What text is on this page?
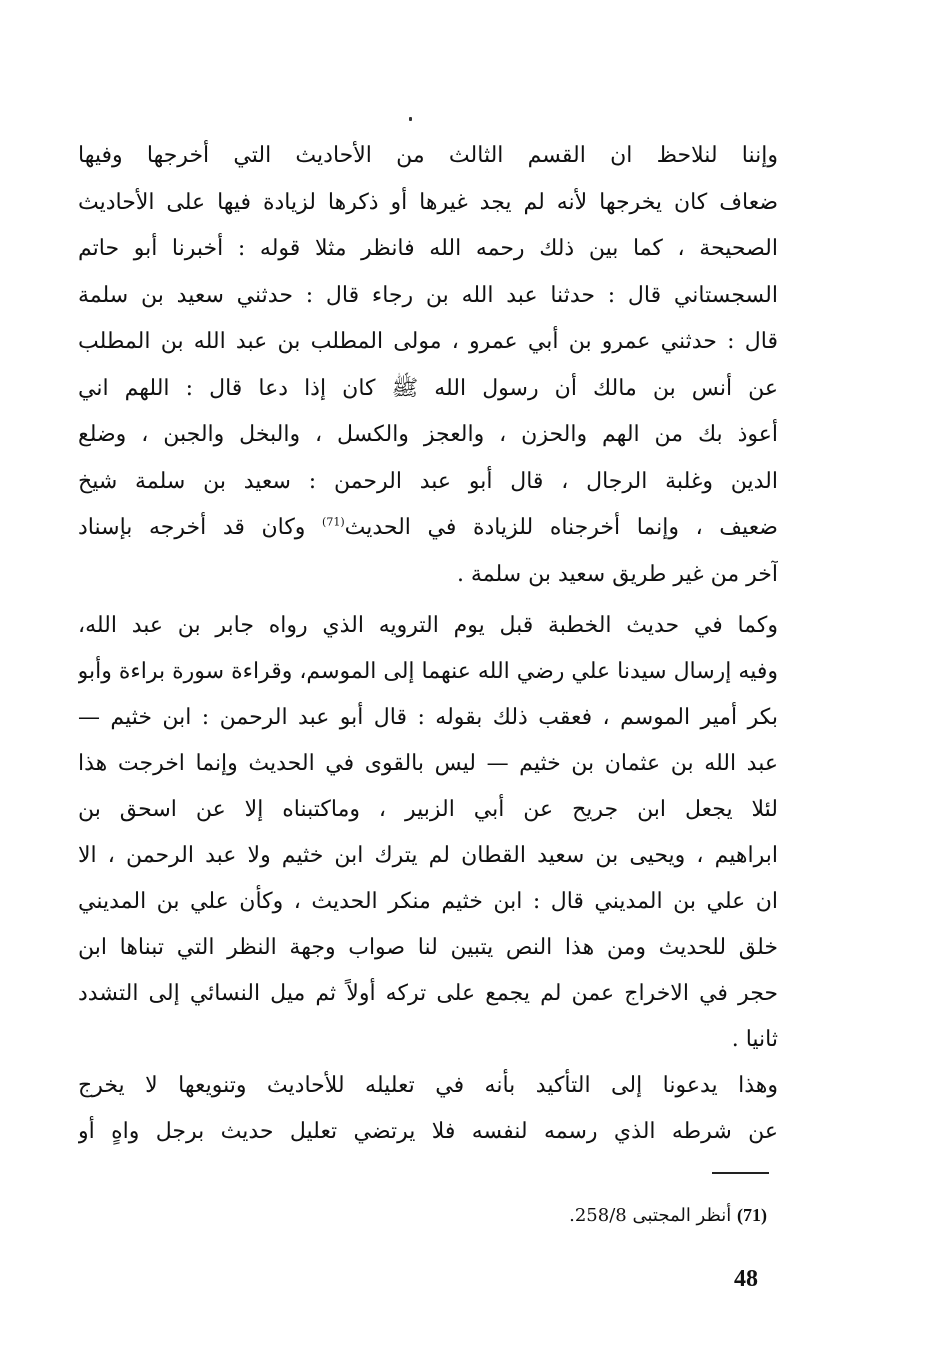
وإننا لنلاحظ ان القسم الثالث من الأحاديث التي أخرجها وفيها
ضعاف كان يخرجها لأنه لم يجد غيرها أو ذكرها لزيادة فيها على الأحاديث
الصحيحة ، كما بين ذلك رحمه الله فانظر مثلا قوله : أخبرنا أبو حاتم
السجستاني قال : حدثنا عبد الله بن رجاء قال : حدثني سعيد بن سلمة
قال : حدثني عمرو بن أبي عمرو ، مولى المطلب بن عبد الله بن المطلب
عن أنس بن مالك أن رسول الله ﷺ كان إذا دعا قال : اللهم اني
أعوذ بك من الهم والحزن ، والعجز والكسل ، والبخل والجبن ، وضلع
الدين وغلبة الرجال ، قال أبو عبد الرحمن : سعيد بن سلمة شيخ
ضعيف ، وإنما أخرجناه للزيادة في الحديث$^{(71)}$ وكان قد أخرجه بإسناد
آخر من غير طريق سعيد بن سلمة .
وكما في حديث الخطبة قبل يوم الترويه الذي رواه جابر بن عبد الله،
وفيه إرسال سيدنا علي رضي الله عنهما إلى الموسم، وقراءة سورة براءة وأبو
بكر أمير الموسم ، فعقب ذلك بقوله : قال أبو عبد الرحمن : ابن خثيم —
عبد الله بن عثمان بن خثيم — ليس بالقوى في الحديث وإنما اخرجت هذا
لئلا يجعل ابن جريح عن أبي الزبير ، وماكتبناه إلا عن اسحق بن
ابراهيم ، ويحيى بن سعيد القطان لم يترك ابن خثيم ولا عبد الرحمن ، الا
ان علي بن المديني قال : ابن خثيم منكر الحديث ، وكأن علي بن المديني
خلق للحديث ومن هذا النص يتبين لنا صواب وجهة النظر التي تبناها ابن
حجر في الاخراج عمن لم يجمع على تركه أولاً ثم ميل النسائي إلى التشدد
ثانيا .
وهذا يدعونا إلى التأكيد بأنه في تعليله للأحاديث وتنويعها لا يخرج
عن شرطه الذي رسمه لنفسه فلا يرتضي تعليل حديث برجل واهٍ أو
(71) أنظر المجتبى 258/8.
48
